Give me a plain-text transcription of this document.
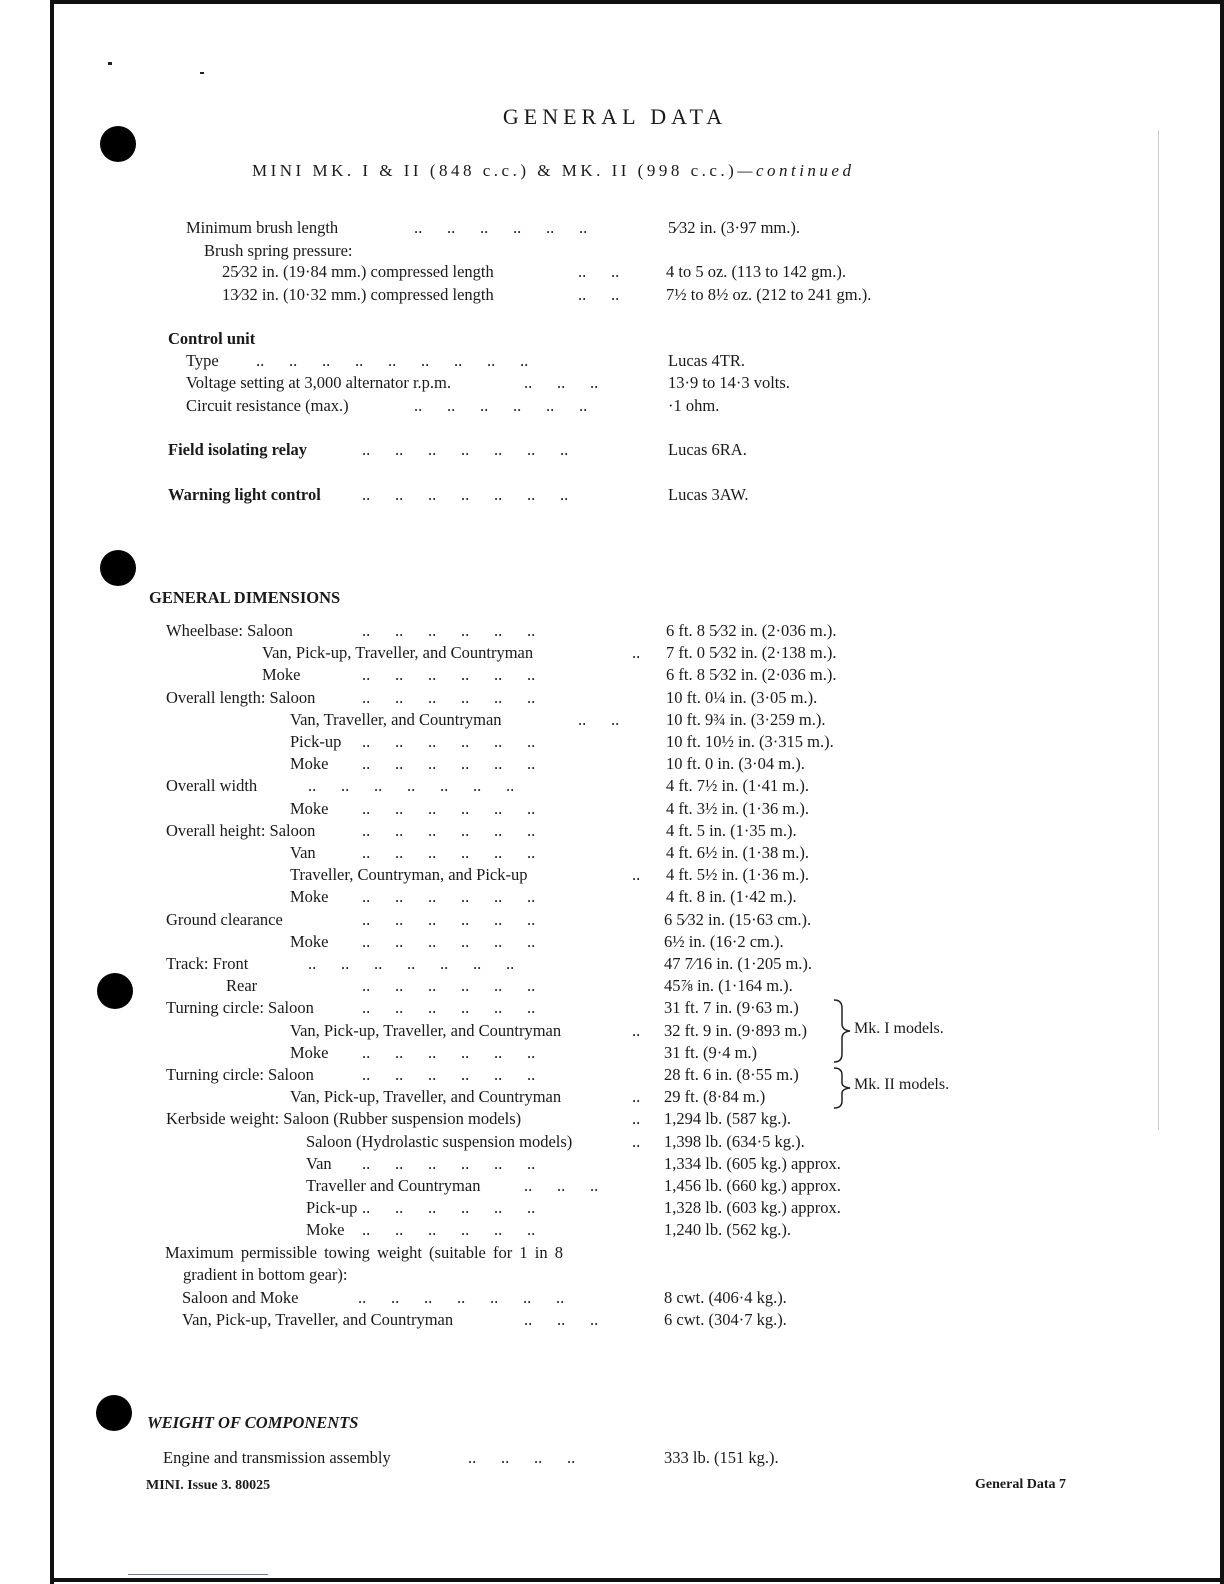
GENERAL DATA
MINI MK. I & II (848 c.c.) & MK. II (998 c.c.)—continued
Minimum brush length	..      ..      ..      ..      ..      ..	5⁄32 in. (3·97 mm.).
Brush spring pressure:
25⁄32 in. (19·84 mm.) compressed length	..      ..	4 to 5 oz. (113 to 142 gm.).
13⁄32 in. (10·32 mm.) compressed length	..      ..	7½ to 8½ oz. (212 to 241 gm.).
Control unit
Type ..      ..      ..      ..      ..      ..      ..      ..      ..	Lucas 4TR.
Voltage setting at 3,000 alternator r.p.m.	..      ..      ..	13·9 to 14·3 volts.
Circuit resistance (max.)	..      ..      ..      ..      ..      ..	·1 ohm.
Field isolating relay	..      ..      ..      ..      ..      ..      ..	Lucas 6RA.
Warning light control ..      ..      ..      ..      ..      ..      ..	Lucas 3AW.
GENERAL DIMENSIONS
Wheelbase: Saloon	..      ..      ..      ..      ..      ..	6 ft. 8 5⁄32 in. (2·036 m.).
Van, Pick-up, Traveller, and Countryman	.. 7 ft. 0 5⁄32 in. (2·138 m.).
Moke	..      ..      ..      ..      ..      ..	6 ft. 8 5⁄32 in. (2·036 m.).
Overall length: Saloon	..      ..      ..      ..      ..      ..	10 ft. 0¼ in. (3·05 m.).
Van, Traveller, and Countryman	..      ..	10 ft. 9¾ in. (3·259 m.).
Pick-up ..      ..      ..      ..      ..      ..	10 ft. 10½ in. (3·315 m.).
Moke ..      ..      ..      ..      ..      ..	10 ft. 0 in. (3·04 m.).
Overall width	..      ..      ..      ..      ..      ..      ..	4 ft. 7½ in. (1·41 m.).
Moke ..      ..      ..      ..      ..      ..	4 ft. 3½ in. (1·36 m.).
Overall height: Saloon	..      ..      ..      ..      ..      ..	4 ft. 5 in. (1·35 m.).
Van	..      ..      ..      ..      ..      ..	4 ft. 6½ in. (1·38 m.).
Traveller, Countryman, and Pick-up	.. 4 ft. 5½ in. (1·36 m.).
Moke ..      ..      ..      ..      ..      ..	4 ft. 8 in. (1·42 m.).
Ground clearance	..      ..      ..      ..      ..      ..	6 5⁄32 in. (15·63 cm.).
Moke ..      ..      ..      ..      ..      ..	6½ in. (16·2 cm.).
Track: Front	..      ..      ..      ..      ..      ..      ..	47 7⁄16 in. (1·205 m.).
Rear	..      ..      ..      ..      ..      ..	45⅞ in. (1·164 m.).
Turning circle: Saloon	..      ..      ..      ..      ..      ..	31 ft. 7 in. (9·63 m.)
Van, Pick-up, Traveller, and Countryman	.. 32 ft. 9 in. (9·893 m.)
Moke ..      ..      ..      ..      ..      ..	31 ft. (9·4 m.)
Turning circle: Saloon	..      ..      ..      ..      ..      ..	28 ft. 6 in. (8·55 m.)
Van, Pick-up, Traveller, and Countryman	.. 29 ft. (8·84 m.)
Kerbside weight: Saloon (Rubber suspension models)	.. 1,294 lb. (587 kg.).
Saloon (Hydrolastic suspension models)	.. 1,398 lb. (634·5 kg.).
Van ..      ..      ..      ..      ..      ..	1,334 lb. (605 kg.) approx.
Traveller and Countryman	..      ..      ..	1,456 lb. (660 kg.) approx.
Pick-up ..      ..      ..      ..      ..      ..	1,328 lb. (603 kg.) approx.
Moke ..      ..      ..      ..      ..      ..	1,240 lb. (562 kg.).
Mk. I models.
Mk. II models.
Maximum permissible towing weight (suitable for 1 in 8
gradient in bottom gear):
Saloon and Moke	..      ..      ..      ..      ..      ..      ..	8 cwt. (406·4 kg.).
Van, Pick-up, Traveller, and Countryman	..      ..      ..	6 cwt. (304·7 kg.).
WEIGHT OF COMPONENTS
Engine and transmission assembly	..      ..      ..      ..	333 lb. (151 kg.).
MINI. Issue 3. 80025	General Data 7
